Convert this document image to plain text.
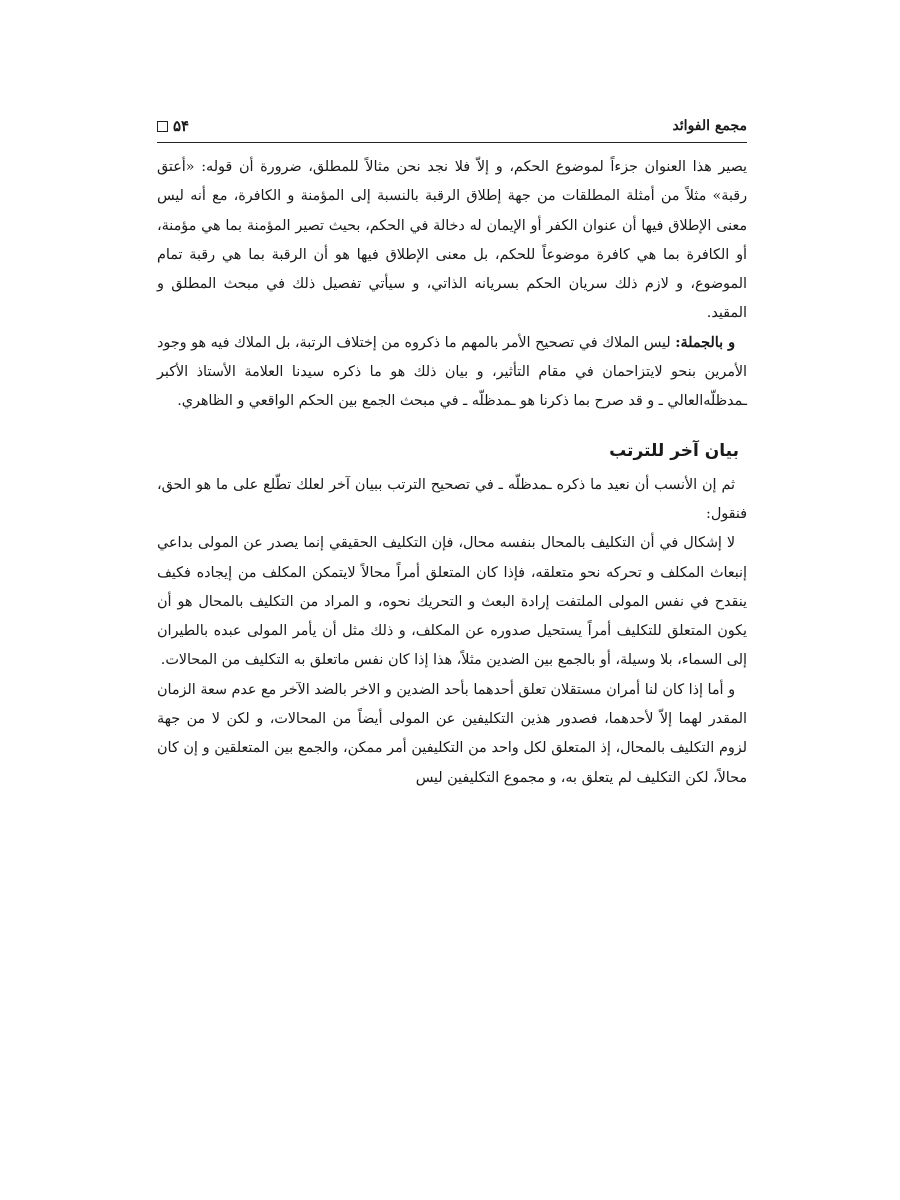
مجمع الفوائد
۵۴

يصير هذا العنوان جزءاً لموضوع الحكم، و إلاّ فلا نجد نحن مثالاً للمطلق، ضرورة أن قوله: «أعتق رقبة» مثلاً من أمثلة المطلقات من جهة إطلاق الرقبة بالنسبة إلى المؤمنة و الكافرة، مع أنه ليس معنى الإطلاق فيها أن عنوان الكفر أو الإيمان له دخالة في الحكم، بحيث تصير المؤمنة بما هي مؤمنة، أو الكافرة بما هي كافرة موضوعاً للحكم، بل معنى الإطلاق فيها هو أن الرقبة بما هي رقبة تمام الموضوع، و لازم ذلك سريان الحكم بسريانه الذاتي، و سيأتي تفصيل ذلك في مبحث المطلق و المقيد.

و بالجملة: ليس الملاك في تصحيح الأمر بالمهم ما ذكروه من إختلاف الرتبة، بل الملاك فيه هو وجود الأمرين بنحو لايتزاحمان في مقام التأثير، و بيان ذلك هو ما ذكره سيدنا العلامة الأستاذ الأكبر ـمدظلّه‌العالي ـ و قد صرح بما ذكرنا هو ـمدظلّه ـ في مبحث الجمع بين الحكم الواقعي و الظاهري.

بيان آخر للترتب

ثم إن الأنسب أن نعيد ما ذكره ـمدظلّه ـ في تصحيح الترتب ببيان آخر لعلك تطّلع على ما هو الحق، فنقول:

لا إشكال في أن التكليف بالمحال بنفسه محال، فإن التكليف الحقيقي إنما يصدر عن المولى بداعي إنبعاث المكلف و تحركه نحو متعلقه، فإذا كان المتعلق أمراً محالاً لايتمكن المكلف من إيجاده فكيف ينقدح في نفس المولى الملتفت إرادة البعث و التحريك نحوه، و المراد من التكليف بالمحال هو أن يكون المتعلق للتكليف أمراً يستحيل صدوره عن المكلف، و ذلك مثل أن يأمر المولى عبده بالطيران إلى السماء، بلا وسيلة، أو بالجمع بين الضدين مثلاً، هذا إذا كان نفس ماتعلق به التكليف من المحالات.

و أما إذا كان لنا أمران مستقلان تعلق أحدهما بأحد الضدين و الاخر بالضد الآخر مع عدم سعة الزمان المقدر لهما إلاّ لأحدهما، فصدور هذين التكليفين عن المولى أيضاً من المحالات، و لكن لا من جهة لزوم التكليف بالمحال، إذ المتعلق لكل واحد من التكليفين أمر ممكن، والجمع بين المتعلقين و إن كان محالاً، لكن التكليف لم يتعلق به، و مجموع التكليفين ليس
